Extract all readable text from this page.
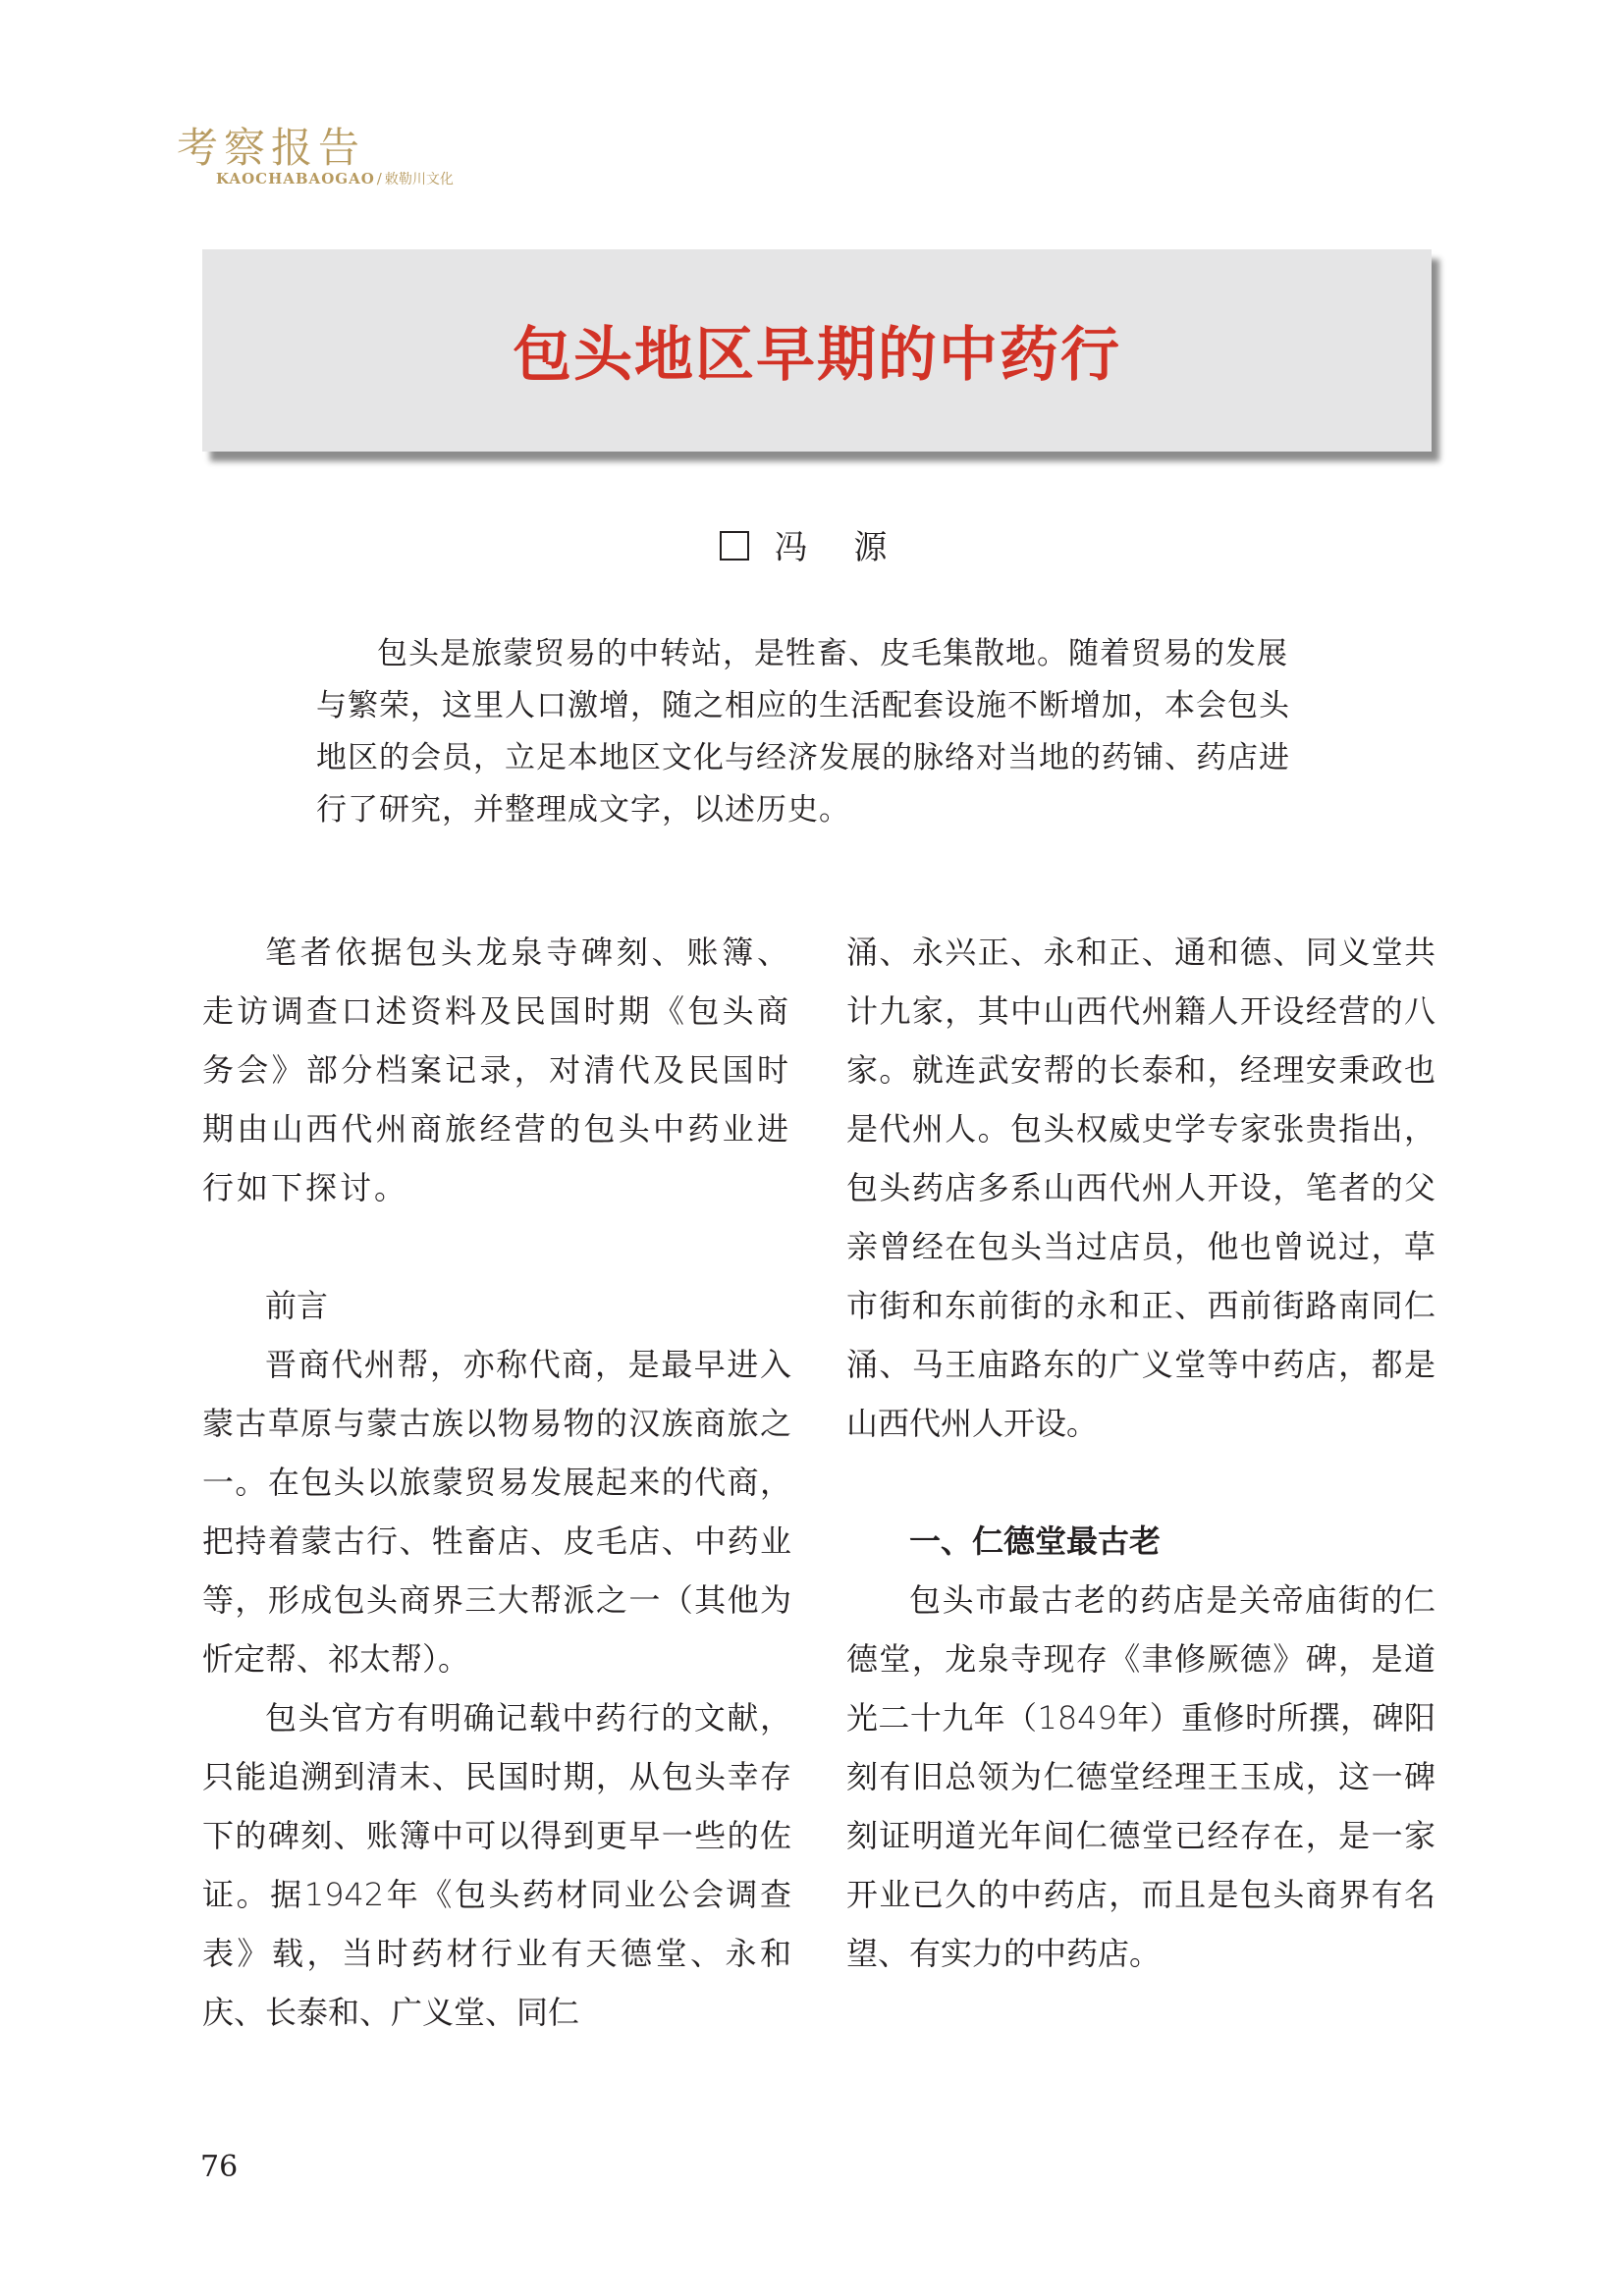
考察报告
KAOCHABAOGAO / 敕勒川文化
包头地区早期的中药行
冯 源

包头是旅蒙贸易的中转站，是牲畜、皮毛集散地。随着贸易的发展与繁荣，这里人口激增，随之相应的生活配套设施不断增加，本会包头地区的会员，立足本地区文化与经济发展的脉络对当地的药铺、药店进行了研究，并整理成文字，以述历史。

笔者依据包头龙泉寺碑刻、账簿、走访调查口述资料及民国时期《包头商务会》部分档案记录，对清代及民国时期由山西代州商旅经营的包头中药业进行如下探讨。

前言

晋商代州帮，亦称代商，是最早进入蒙古草原与蒙古族以物易物的汉族商旅之一。在包头以旅蒙贸易发展起来的代商，把持着蒙古行、牲畜店、皮毛店、中药业等，形成包头商界三大帮派之一（其他为忻定帮、祁太帮）。

包头官方有明确记载中药行的文献，只能追溯到清末、民国时期，从包头幸存下的碑刻、账簿中可以得到更早一些的佐证。据1942年《包头药材同业公会调查表》载，当时药材行业有天德堂、永和庆、长泰和、广义堂、同仁

涌、永兴正、永和正、通和德、同义堂共计九家，其中山西代州籍人开设经营的八家。就连武安帮的长泰和，经理安秉政也是代州人。包头权威史学专家张贵指出，包头药店多系山西代州人开设，笔者的父亲曾经在包头当过店员，他也曾说过，草市街和东前街的永和正、西前街路南同仁涌、马王庙路东的广义堂等中药店，都是山西代州人开设。

一、仁德堂最古老

包头市最古老的药店是关帝庙街的仁德堂，龙泉寺现存《聿修厥德》碑，是道光二十九年（1849年）重修时所撰，碑阳刻有旧总领为仁德堂经理王玉成，这一碑刻证明道光年间仁德堂已经存在，是一家开业已久的中药店，而且是包头商界有名望、有实力的中药店。

76
